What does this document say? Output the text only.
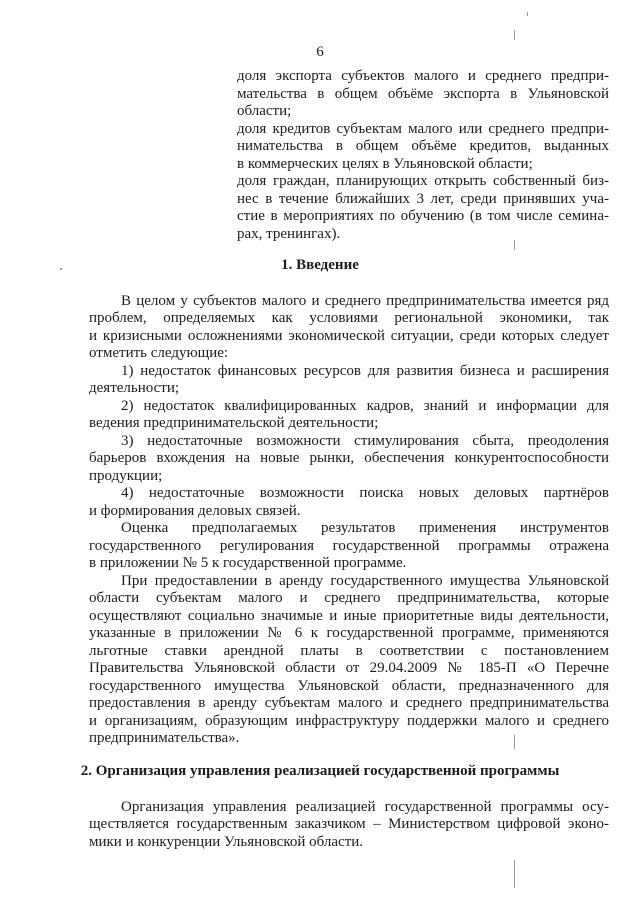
6
доля экспорта субъектов малого и среднего предпри-
мательства в общем объёме экспорта в Ульяновской
области;
доля кредитов субъектам малого или среднего предпри-
нимательства в общем объёме кредитов, выданных
в коммерческих целях в Ульяновской области;
доля граждан, планирующих открыть собственный биз-
нес в течение ближайших 3 лет, среди принявших уча-
стие в мероприятиях по обучению (в том числе семина-
рах, тренингах).
1. Введение
В целом у субъектов малого и среднего предпринимательства имеется ряд
проблем, определяемых как условиями региональной экономики, так
и кризисными осложнениями экономической ситуации, среди которых следует
отметить следующие:
1) недостаток финансовых ресурсов для развития бизнеса и расширения
деятельности;
2) недостаток квалифицированных кадров, знаний и информации для
ведения предпринимательской деятельности;
3) недостаточные возможности стимулирования сбыта, преодоления
барьеров вхождения на новые рынки, обеспечения конкурентоспособности
продукции;
4) недостаточные возможности поиска новых деловых партнёров
и формирования деловых связей.
Оценка предполагаемых результатов применения инструментов
государственного регулирования государственной программы отражена
в приложении № 5 к государственной программе.
При предоставлении в аренду государственного имущества Ульяновской
области субъектам малого и среднего предпринимательства, которые
осуществляют социально значимые и иные приоритетные виды деятельности,
указанные в приложении № 6 к государственной программе, применяются
льготные ставки арендной платы в соответствии с постановлением
Правительства Ульяновской области от 29.04.2009 № 185-П «О Перечне
государственного имущества Ульяновской области, предназначенного для
предоставления в аренду субъектам малого и среднего предпринимательства
и организациям, образующим инфраструктуру поддержки малого и среднего
предпринимательства».
2. Организация управления реализацией государственной программы
Организация управления реализацией государственной программы осу-
ществляется государственным заказчиком – Министерством цифровой эконо-
мики и конкуренции Ульяновской области.
